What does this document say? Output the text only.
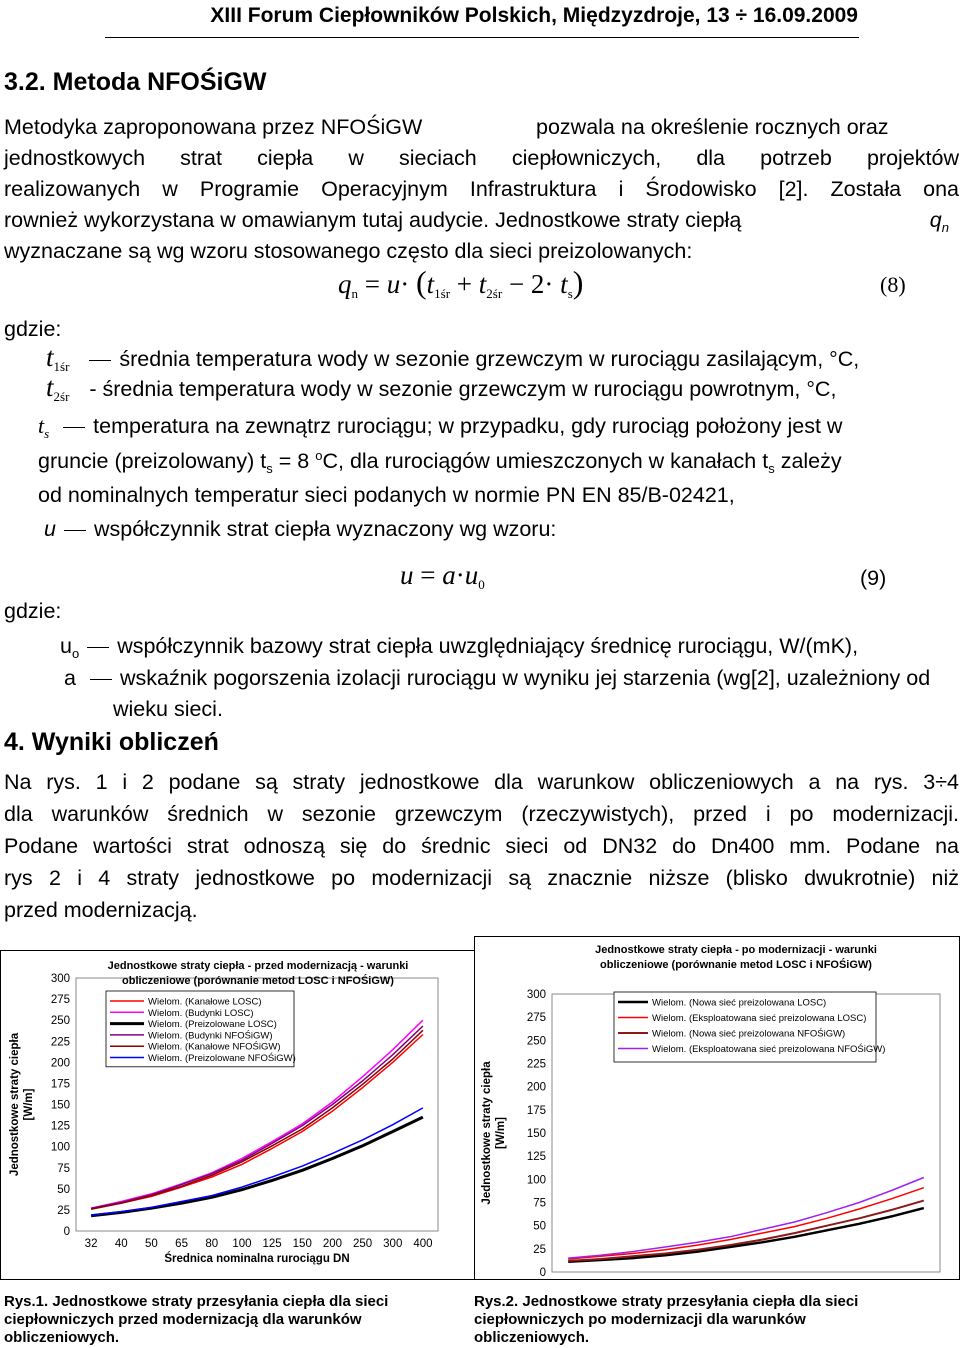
XIII Forum Ciepłowników Polskich, Międzyzdroje, 13 ÷ 16.09.2009
3.2. Metoda NFOŚiGW
Metodyka zaproponowana przez NFOŚiGW	pozwala na określenie rocznych oraz
jednostkowych strat ciepła w sieciach ciepłowniczych, dla potrzeb projektów
realizowanych w Programie Operacyjnym Infrastruktura i Środowisko [2]. Została ona
rownież wykorzystana w omawianym tutaj audycie. Jednostkowe straty ciepłą	$q_n$
wyznaczane są wg wzoru stosowanego często dla sieci preizolowanych:
$q_n = u\cdot (t_{1śr} + t_{2śr} - 2\cdot t_s)$	(8)
gdzie:
$t_{1śr}$ średnia temperatura wody w sezonie grzewczym w rurociągu zasilającym, °C,
$t_{2śr}$ - średnia temperatura wody w sezonie grzewczym w rurociągu powrotnym, °C,
$t_s$ temperatura na zewnątrz rurociągu; w przypadku, gdy rurociąg położony jest w
gruncie (preizolowany) $t_s = 8$ $^o$C, dla rurociągów umieszczonych w kanałach $t_s$ zależy
od nominalnych temperatur sieci podanych w normie PN EN 85/B-02421,
u współczynnik strat ciepła wyznaczony wg wzoru:
$u = a\cdot u_0$	(9)
gdzie:
$u_o$ współczynnik bazowy strat ciepła uwzględniający średnicę rurociągu, W/(mK),
a wskaźnik pogorszenia izolacji rurociągu w wyniku jej starzenia (wg[2], uzależniony od
wieku sieci.
4. Wyniki obliczeń
Na rys. 1 i 2 podane są straty jednostkowe dla warunkow obliczeniowych a na rys. 3÷4
dla warunków średnich w sezonie grzewczym (rzeczywistych), przed i po modernizacji.
Podane wartości strat odnoszą się do średnic sieci od DN32 do Dn400 mm. Podane na
rys 2 i 4 straty jednostkowe po modernizacji są znacznie niższe (blisko dwukrotnie) niż
przed modernizacją.
0
25
50
75
100
125
150
175
200
225
250
275
300
32 40 50 65 80 100 125 150 200 250 300 400
Średnica nominalna rurociągu DN
Jednostkowe straty ciepła [W/m]
Jednostkowe straty ciepła - przed modernizacją - warunki
obliczeniowe (porównanie metod LOSC i NFOŚiGW)
Wielom. (Kanałowe LOSC)
Wielom. (Budynki LOSC)
Wielom. (Preizolowane LOSC)
Wielom. (Budynki NFOŚiGW)
Wielom. (Kanałowe NFOŚiGW)
Wielom. (Preizolowane NFOŚiGW)
0
25
50
75
100
125
150
175
200
225
250
275
300
Jednostkowe straty ciepła [W/m]
Jednostkowe straty ciepła - po modernizacji - warunki
obliczeniowe (porównanie metod LOSC i NFOŚiGW)
Wielom. (Nowa sieć preizolowana LOSC)
Wielom. (Eksploatowana sieć preizolowana LOSC)
Wielom. (Nowa sieć preizolowana NFOŚiGW)
Wielom. (Eksploatowana sieć preizolowana NFOŚiGW)
Rys.1. Jednostkowe straty przesyłania ciepła dla sieci
ciepłowniczych przed modernizacją dla warunków
obliczeniowych.
Rys.2. Jednostkowe straty przesyłania ciepła dla sieci
ciepłowniczych po modernizacji dla warunków
obliczeniowych.
